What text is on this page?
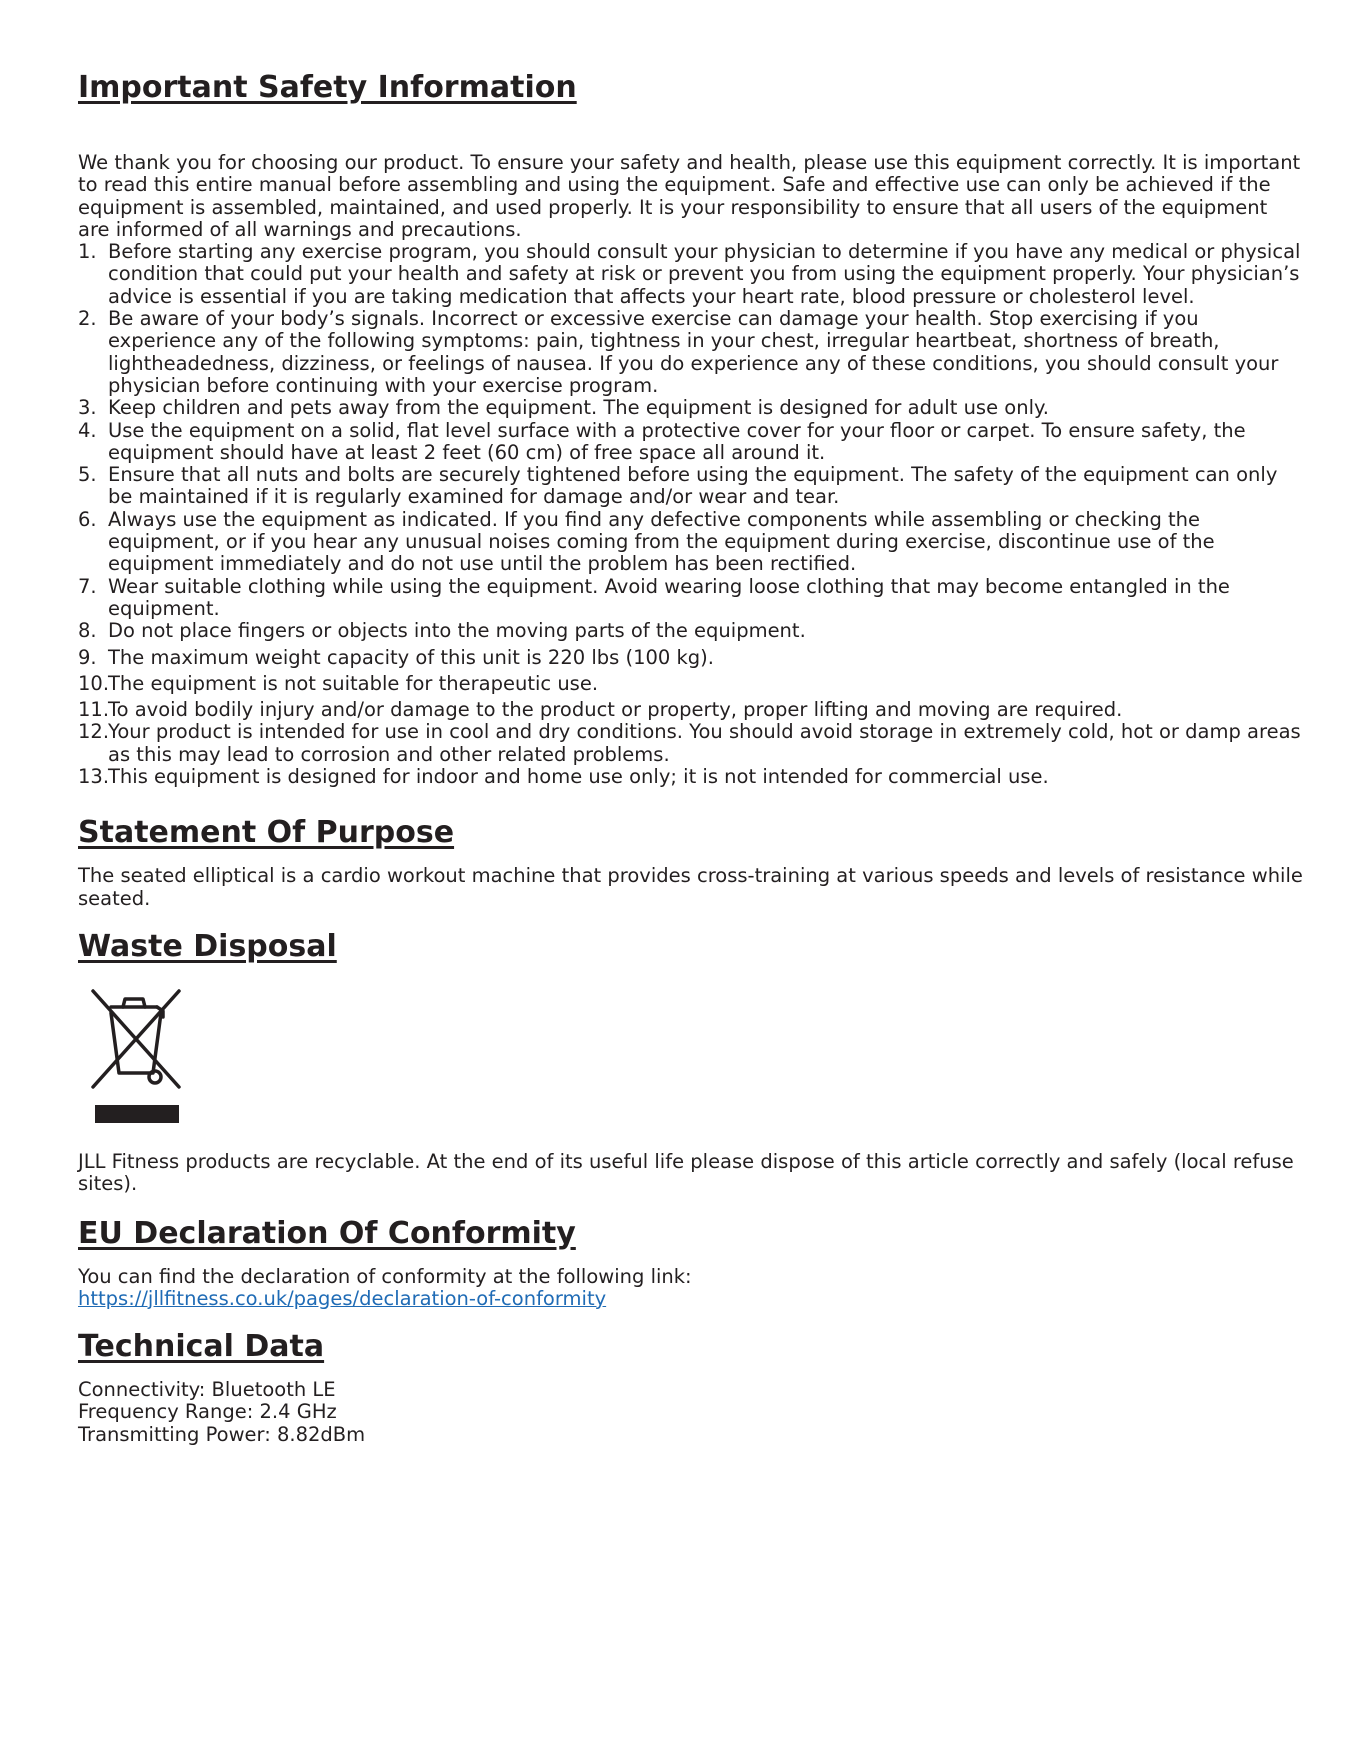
Important Safety Information

We thank you for choosing our product. To ensure your safety and health, please use this equipment correctly. It is important to read this entire manual before assembling and using the equipment. Safe and effective use can only be achieved if the equipment is assembled, maintained, and used properly. It is your responsibility to ensure that all users of the equipment are informed of all warnings and precautions.

1. Before starting any exercise program, you should consult your physician to determine if you have any medical or physical condition that could put your health and safety at risk or prevent you from using the equipment properly. Your physician’s advice is essential if you are taking medication that affects your heart rate, blood pressure or cholesterol level.
2. Be aware of your body’s signals. Incorrect or excessive exercise can damage your health. Stop exercising if you experience any of the following symptoms: pain, tightness in your chest, irregular heartbeat, shortness of breath, lightheadedness, dizziness, or feelings of nausea. If you do experience any of these conditions, you should consult your physician before continuing with your exercise program.
3. Keep children and pets away from the equipment. The equipment is designed for adult use only.
4. Use the equipment on a solid, flat level surface with a protective cover for your floor or carpet. To ensure safety, the equipment should have at least 2 feet (60 cm) of free space all around it.
5. Ensure that all nuts and bolts are securely tightened before using the equipment. The safety of the equipment can only be maintained if it is regularly examined for damage and/or wear and tear.
6. Always use the equipment as indicated. If you find any defective components while assembling or checking the equipment, or if you hear any unusual noises coming from the equipment during exercise, discontinue use of the equipment immediately and do not use until the problem has been rectified.
7. Wear suitable clothing while using the equipment. Avoid wearing loose clothing that may become entangled in the equipment.
8. Do not place fingers or objects into the moving parts of the equipment.
9. The maximum weight capacity of this unit is 220 lbs (100 kg).
10.
The equipment is not suitable for therapeutic use.
11.
To avoid bodily injury and/or damage to the product or property, proper lifting and moving are required.
12.
Your product is intended for use in cool and dry conditions. You should avoid storage in extremely cold, hot or damp areas as this may lead to corrosion and other related problems.
13.
This equipment is designed for indoor and home use only; it is not intended for commercial use.
Statement Of Purpose

The seated elliptical is a cardio workout machine that provides cross-training at various speeds and levels of resistance while seated.

Waste Disposal

JLL Fitness products are recyclable. At the end of its useful life please dispose of this article correctly and safely (local refuse sites).

EU Declaration Of Conformity

You can find the declaration of conformity at the following link:
https://jllfitness.co.uk/pages/declaration-of-conformity

Technical Data

Connectivity: Bluetooth LE

Frequency Range: 2.4 GHz

Transmitting Power: 8.82dBm
